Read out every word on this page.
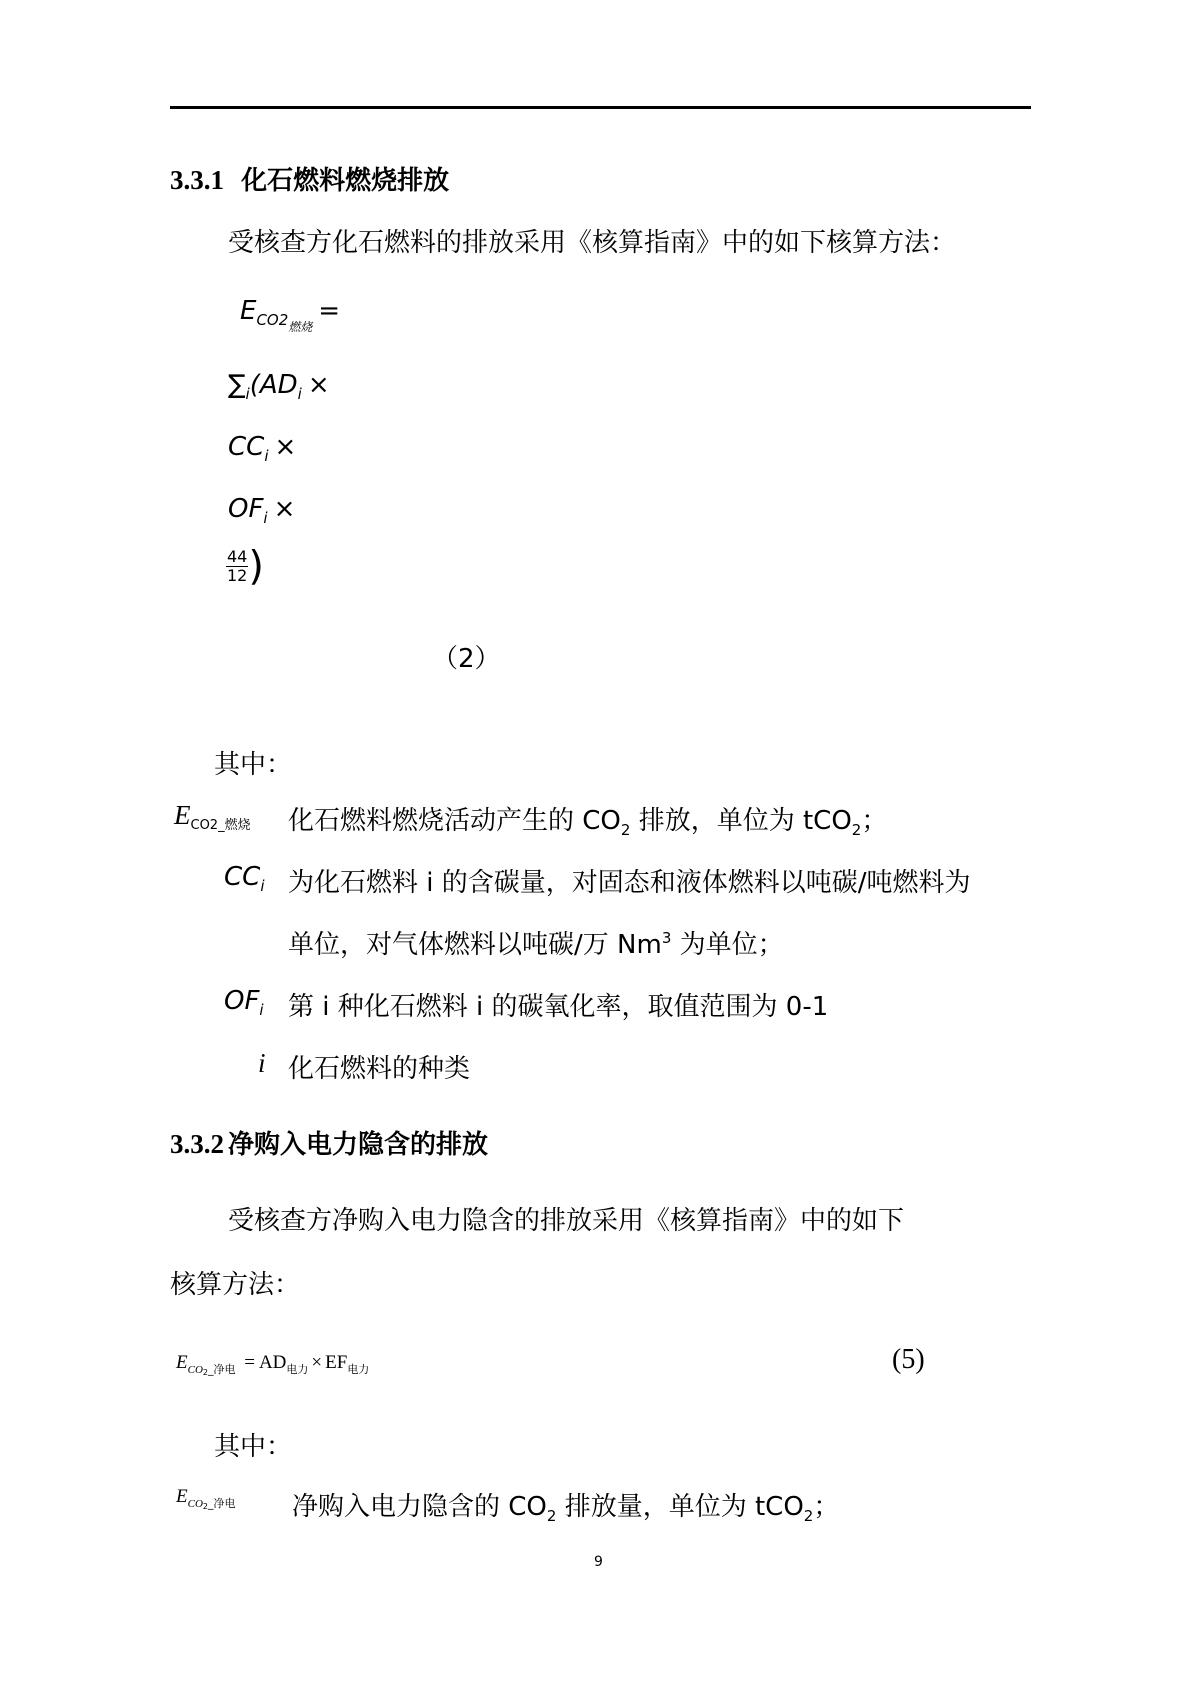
3.3.1 化石燃料燃烧排放
受核查方化石燃料的排放采用《核算指南》中的如下核算方法：
$E_{CO2_{燃烧}}=$
$\sum_i(AD_i$ ×
$CC_i$ ×
$OF_i$ ×
$\frac{44}{12}$ )
（2）
其中：
$E_{CO2\_燃烧}$ 化石燃料燃烧活动产生的 $CO_2$ 排放，单位为 tCO$_2$；
$CC_i$ 为化石燃料 i 的含碳量，对固态和液体燃料以吨碳/吨燃料为
单位，对气体燃料以吨碳/万 Nm$^3$ 为单位；
$OF_i$ 第 i 种化石燃料 i 的碳氧化率，取值范围为 0-1
i 化石燃料的种类
3.3.2 净购入电力隐含的排放
受核查方净购入电力隐含的排放采用《核算指南》中的如下
核算方法：
$E_{CO2\_净电} = AD_{电力} \times EF_{电力}$	(5)
其中：
$E_{CO2\_净电}$ 净购入电力隐含的 $CO_2$ 排放量，单位为 tCO$_2$；
9
